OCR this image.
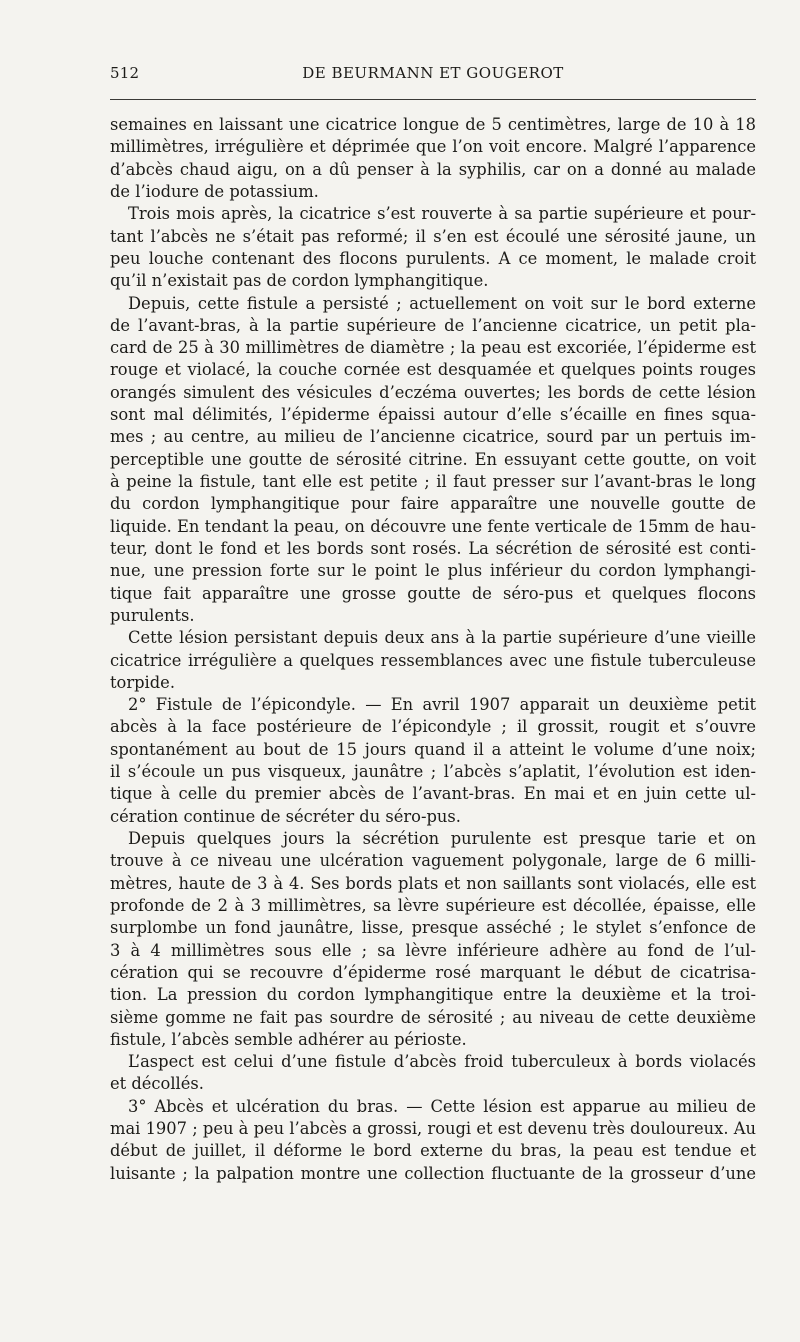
512	DE BEURMANN ET GOUGEROT
semaines en laissant une cicatrice longue de 5 centimètres, large de 10 à 18
millimètres, irrégulière et déprimée que l’on voit encore. Malgré l’apparence
d’abcès chaud aigu, on a dû penser à la syphilis, car on a donné au malade
de l’iodure de potassium.
Trois mois après, la cicatrice s’est rouverte à sa partie supérieure et pour-
tant l’abcès ne s’était pas reformé; il s’en est écoulé une sérosité jaune, un
peu louche contenant des flocons purulents. A ce moment, le malade croit
qu’il n’existait pas de cordon lymphangitique.
Depuis, cette fistule a persisté ; actuellement on voit sur le bord externe
de l’avant-bras, à la partie supérieure de l’ancienne cicatrice, un petit pla-
card de 25 à 30 millimètres de diamètre ; la peau est excoriée, l’épiderme est
rouge et violacé, la couche cornée est desquamée et quelques points rouges
orangés simulent des vésicules d’eczéma ouvertes; les bords de cette lésion
sont mal délimités, l’épiderme épaissi autour d’elle s’écaille en fines squa-
mes ; au centre, au milieu de l’ancienne cicatrice, sourd par un pertuis im-
perceptible une goutte de sérosité citrine. En essuyant cette goutte, on voit
à peine la fistule, tant elle est petite ; il faut presser sur l’avant-bras le long
du cordon lymphangitique pour faire apparaître une nouvelle goutte de
liquide. En tendant la peau, on découvre une fente verticale de 15mm de hau-
teur, dont le fond et les bords sont rosés. La sécrétion de sérosité est conti-
nue, une pression forte sur le point le plus inférieur du cordon lymphangi-
tique fait apparaître une grosse goutte de séro-pus et quelques flocons
purulents.
Cette lésion persistant depuis deux ans à la partie supérieure d’une vieille
cicatrice irrégulière a quelques ressemblances avec une fistule tuberculeuse
torpide.
2° Fistule de l’épicondyle. — En avril 1907 apparait un deuxième petit
abcès à la face postérieure de l’épicondyle ; il grossit, rougit et s’ouvre
spontanément au bout de 15 jours quand il a atteint le volume d’une noix;
il s’écoule un pus visqueux, jaunâtre ; l’abcès s’aplatit, l’évolution est iden-
tique à celle du premier abcès de l’avant-bras. En mai et en juin cette ul-
cération continue de sécréter du séro-pus.
Depuis quelques jours la sécrétion purulente est presque tarie et on
trouve à ce niveau une ulcération vaguement polygonale, large de 6 milli-
mètres, haute de 3 à 4. Ses bords plats et non saillants sont violacés, elle est
profonde de 2 à 3 millimètres, sa lèvre supérieure est décollée, épaisse, elle
surplombe un fond jaunâtre, lisse, presque asséché ; le stylet s’enfonce de
3 à 4 millimètres sous elle ; sa lèvre inférieure adhère au fond de l’ul-
cération qui se recouvre d’épiderme rosé marquant le début de cicatrisa-
tion. La pression du cordon lymphangitique entre la deuxième et la troi-
sième gomme ne fait pas sourdre de sérosité ; au niveau de cette deuxième
fistule, l’abcès semble adhérer au périoste.
L’aspect est celui d’une fistule d’abcès froid tuberculeux à bords violacés
et décollés.
3° Abcès et ulcération du bras. — Cette lésion est apparue au milieu de
mai 1907 ; peu à peu l’abcès a grossi, rougi et est devenu très douloureux. Au
début de juillet, il déforme le bord externe du bras, la peau est tendue et
luisante ; la palpation montre une collection fluctuante de la grosseur d’une
